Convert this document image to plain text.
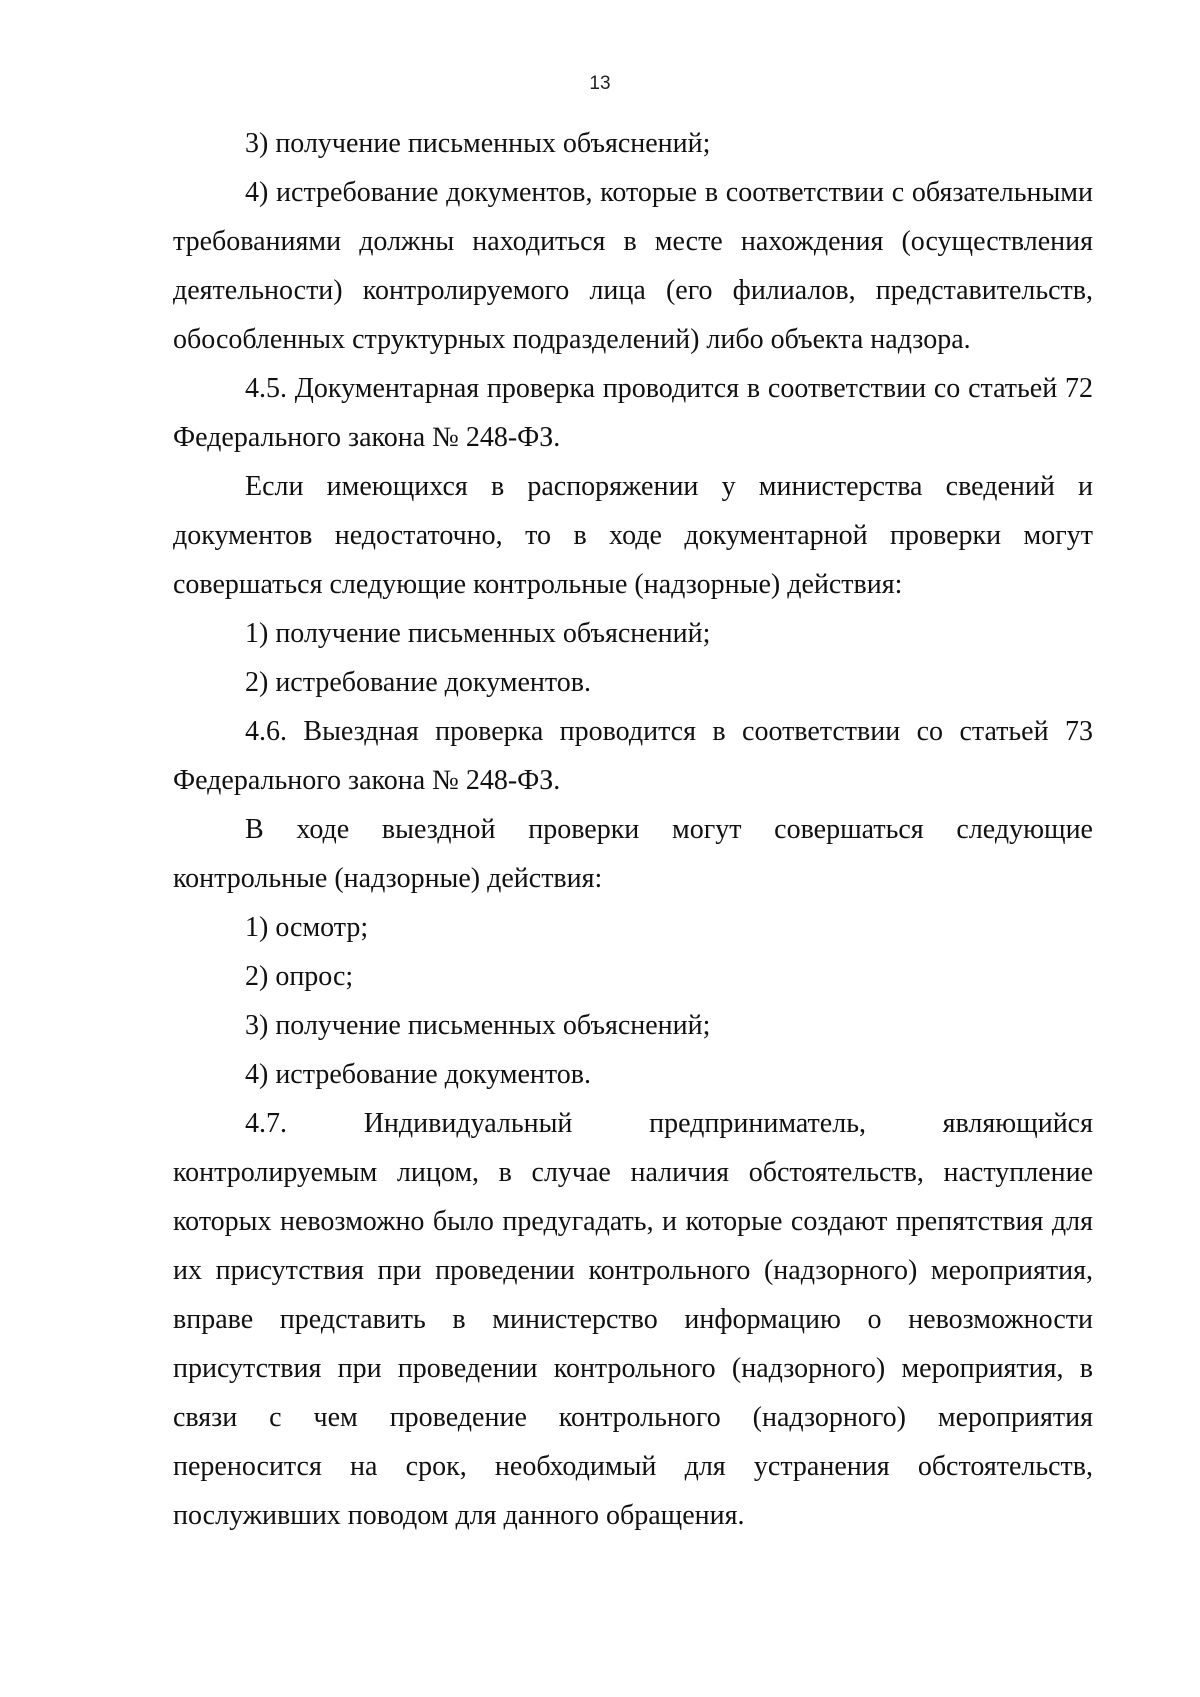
13

3) получение письменных объяснений;

4) истребование документов, которые в соответствии с обязательными требованиями должны находиться в месте нахождения (осуществления деятельности) контролируемого лица (его филиалов, представительств, обособленных структурных подразделений) либо объекта надзора.

4.5. Документарная проверка проводится в соответствии со статьей 72 Федерального закона № 248-ФЗ.

Если имеющихся в распоряжении у министерства сведений и документов недостаточно, то в ходе документарной проверки могут совершаться следующие контрольные (надзорные) действия:

1) получение письменных объяснений;

2) истребование документов.

4.6. Выездная проверка проводится в соответствии со статьей 73 Федерального закона № 248-ФЗ.

В ходе выездной проверки могут совершаться следующие контрольные (надзорные) действия:

1) осмотр;

2) опрос;

3) получение письменных объяснений;

4) истребование документов.

4.7. Индивидуальный предприниматель, являющийся контролируемым лицом, в случае наличия обстоятельств, наступление которых невозможно было предугадать, и которые создают препятствия для их присутствия при проведении контрольного (надзорного) мероприятия, вправе представить в министерство информацию о невозможности присутствия при проведении контрольного (надзорного) мероприятия, в связи с чем проведение контрольного (надзорного) мероприятия переносится на срок, необходимый для устранения обстоятельств, послуживших поводом для данного обращения.
